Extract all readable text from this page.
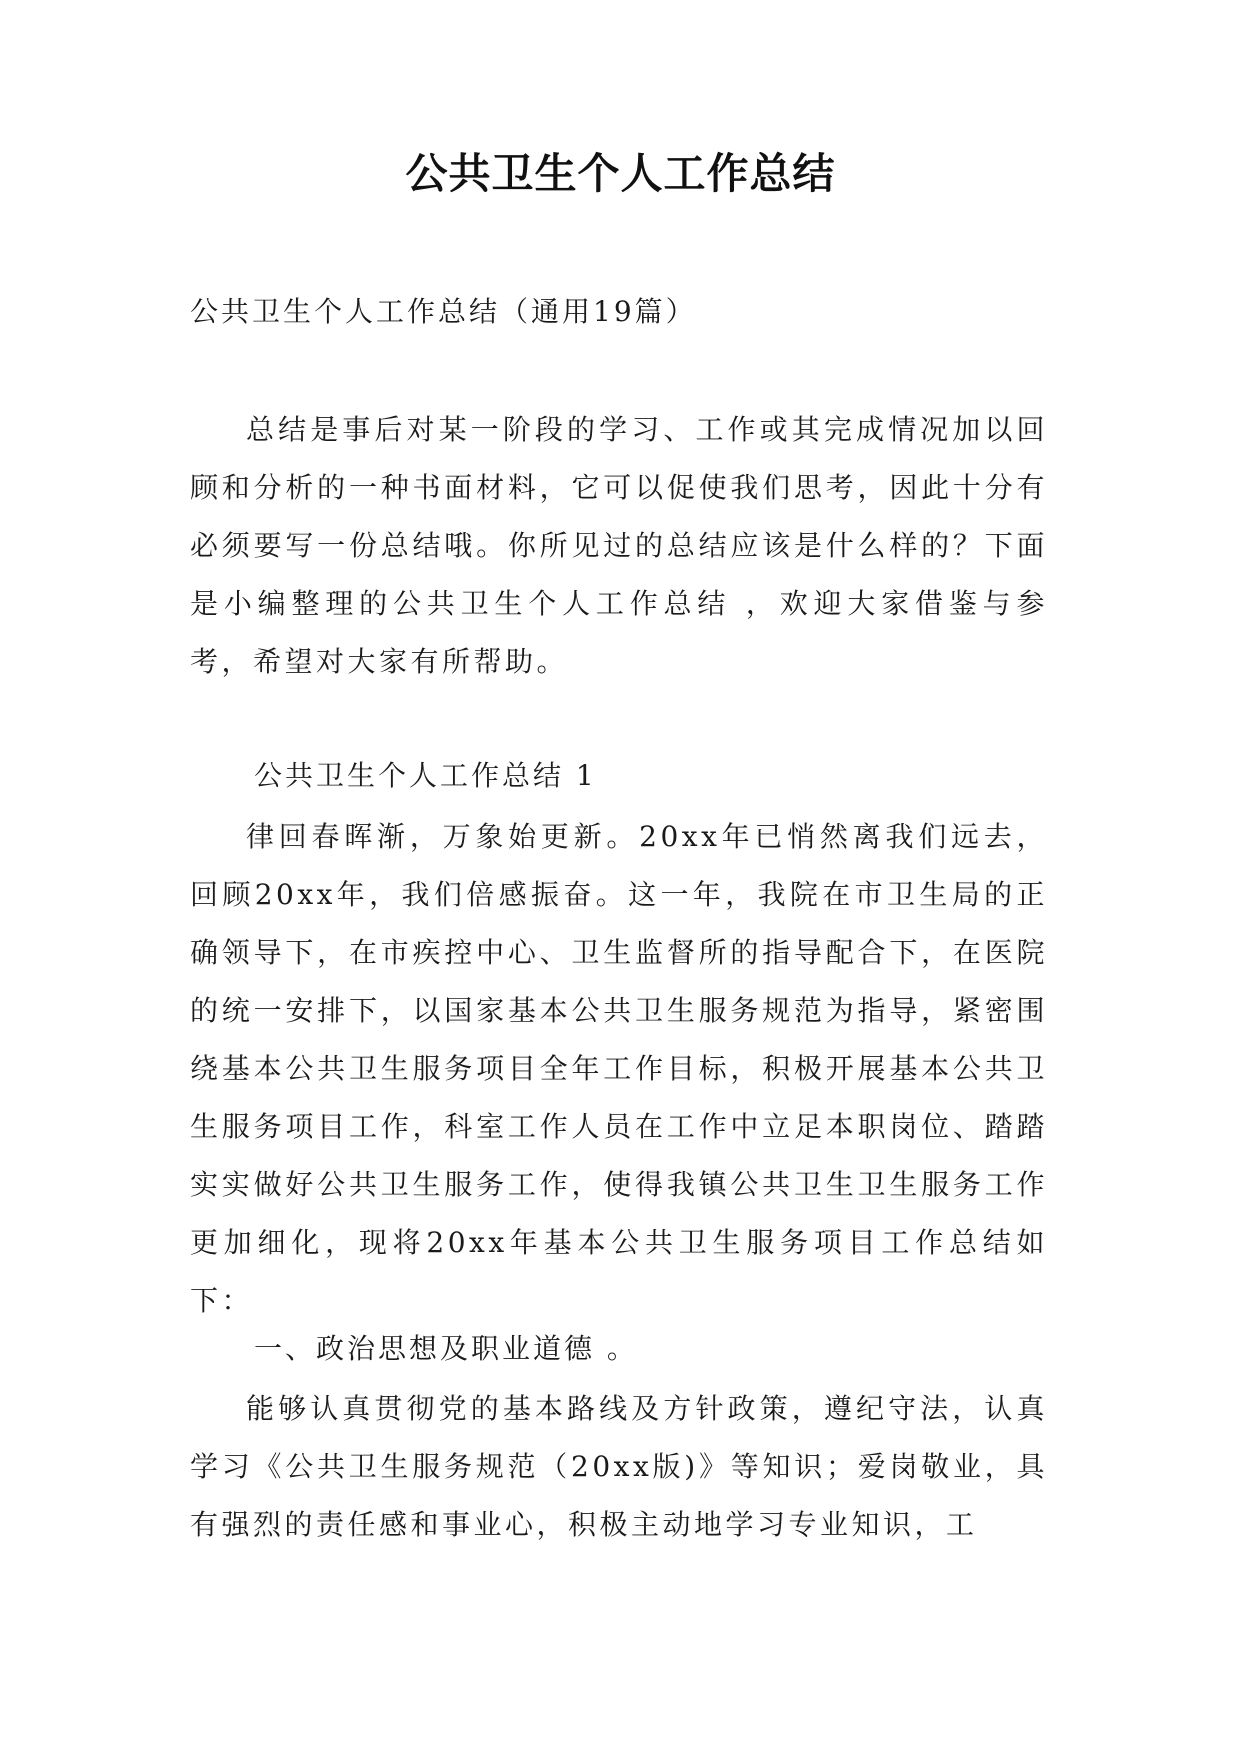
公共卫生个人工作总结
公共卫生个人工作总结（通用19篇）

总结是事后对某一阶段的学习、工作或其完成情况加以回顾和分析的一种书面材料，它可以促使我们思考，因此十分有必须要写一份总结哦。你所见过的总结应该是什么样的？下面是小编整理的公共卫生个人工作总结 ，欢迎大家借鉴与参考，希望对大家有所帮助。

公共卫生个人工作总结 1

律回春晖渐，万象始更新。20xx年已悄然离我们远去，回顾20xx年，我们倍感振奋。这一年，我院在市卫生局的正确领导下，在市疾控中心、卫生监督所的指导配合下，在医院的统一安排下，以国家基本公共卫生服务规范为指导，紧密围绕基本公共卫生服务项目全年工作目标，积极开展基本公共卫生服务项目工作，科室工作人员在工作中立足本职岗位、踏踏实实做好公共卫生服务工作，使得我镇公共卫生卫生服务工作更加细化，现将20xx年基本公共卫生服务项目工作总结如下：

一、政治思想及职业道德 。

能够认真贯彻党的基本路线及方针政策，遵纪守法，认真学习《公共卫生服务规范（20xx版)》等知识；爱岗敬业，具有强烈的责任感和事业心，积极主动地学习专业知识，工
